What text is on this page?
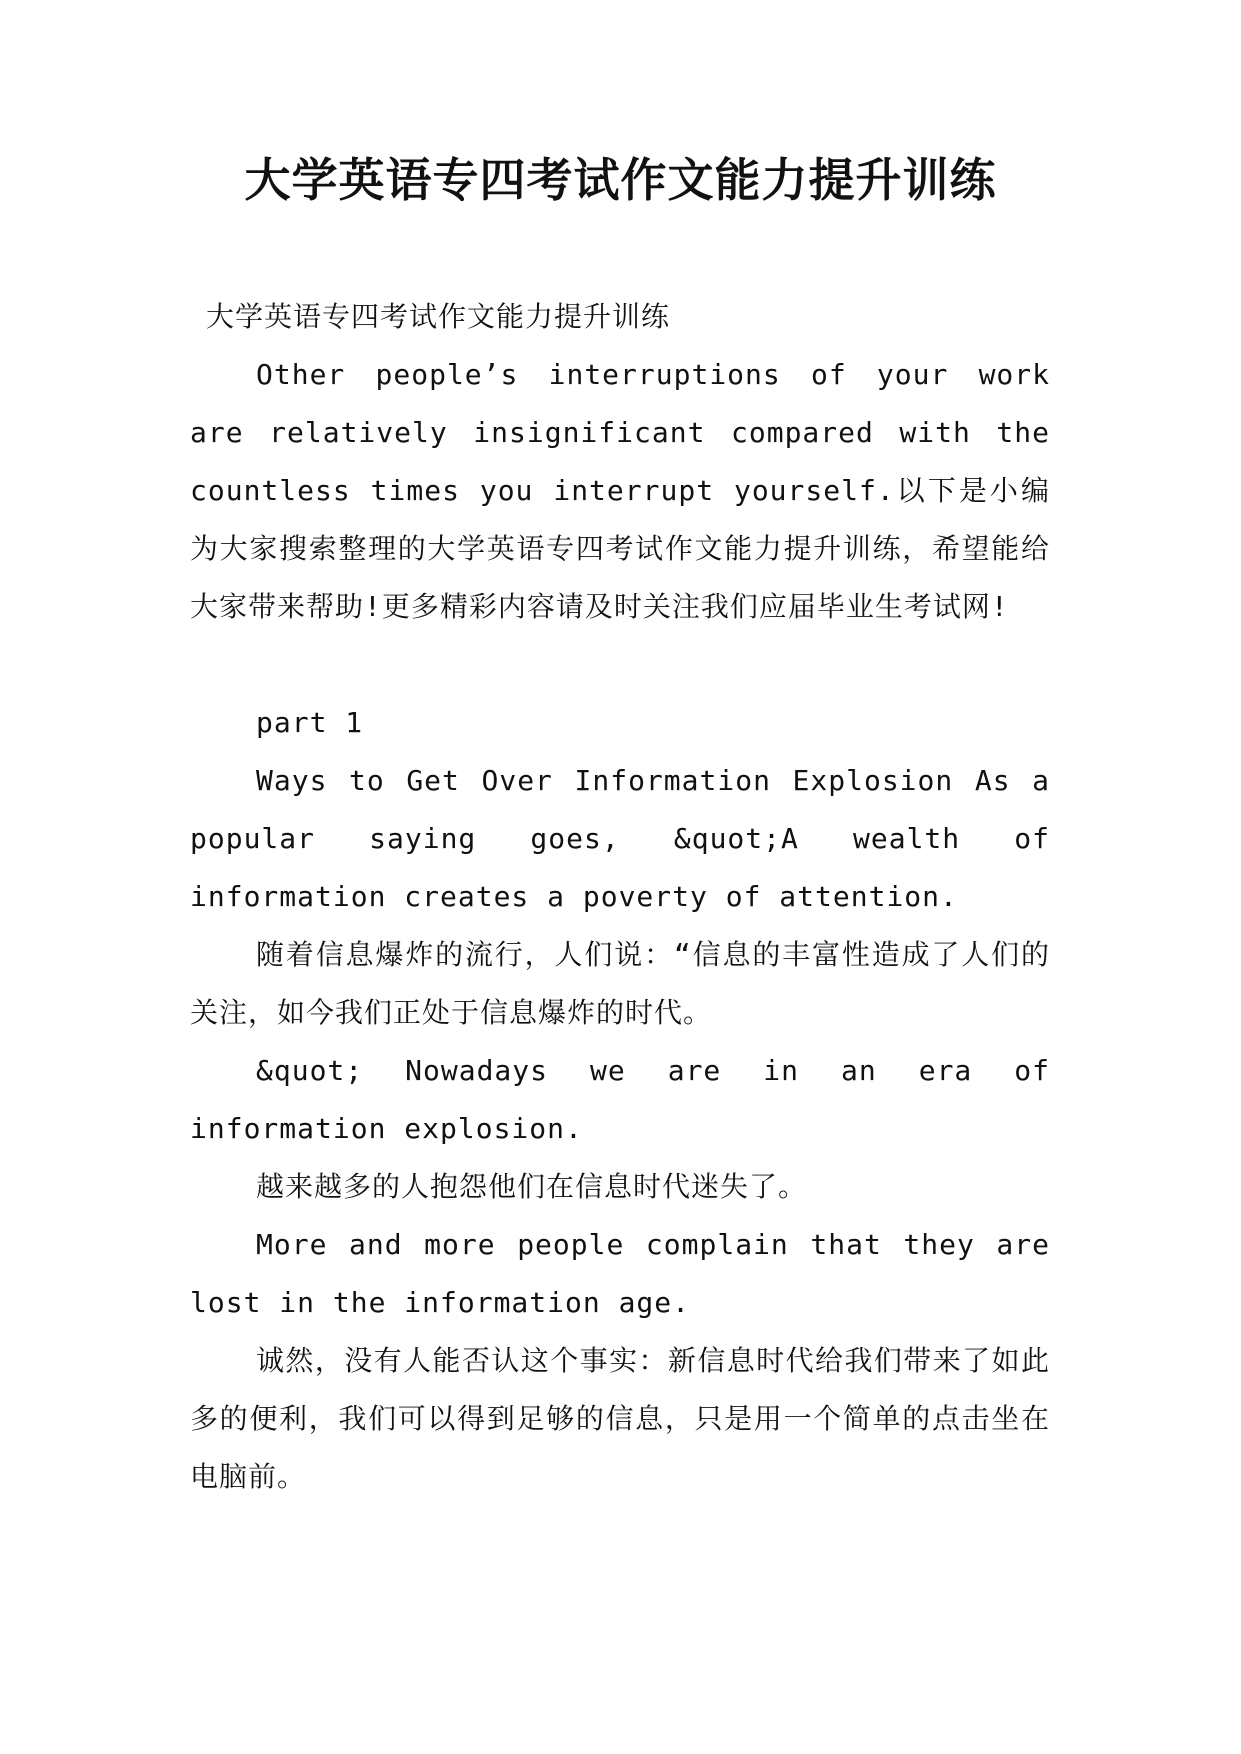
大学英语专四考试作文能力提升训练

大学英语专四考试作文能力提升训练

Other people’s interruptions of your work are relatively insignificant compared with the countless times you interrupt yourself.以下是小编为大家搜索整理的大学英语专四考试作文能力提升训练，希望能给大家带来帮助!更多精彩内容请及时关注我们应届毕业生考试网!

part 1

Ways to Get Over Information Explosion As a popular saying goes, &quot;A wealth of information creates a poverty of attention.

随着信息爆炸的流行，人们说：“信息的丰富性造成了人们的关注，如今我们正处于信息爆炸的时代。

&quot; Nowadays we are in an era of information explosion.

越来越多的人抱怨他们在信息时代迷失了。

More and more people complain that they are lost in the information age.

诚然，没有人能否认这个事实：新信息时代给我们带来了如此多的便利，我们可以得到足够的信息，只是用一个简单的点击坐在电脑前。
